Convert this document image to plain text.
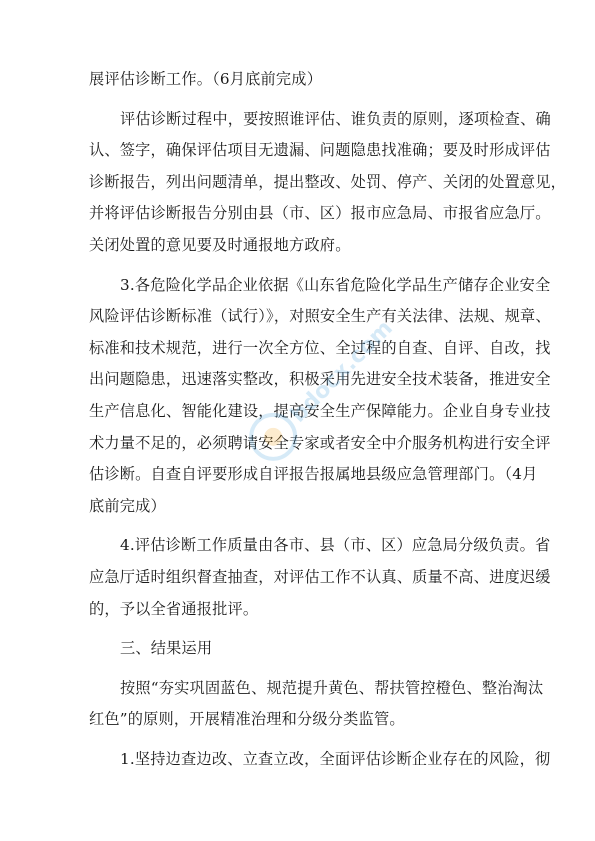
展评估诊断工作。（6月底前完成）
评估诊断过程中，要按照谁评估、谁负责的原则，逐项检查、确
认、签字，确保评估项目无遗漏、问题隐患找准确；要及时形成评估
诊断报告，列出问题清单，提出整改、处罚、停产、关闭的处置意见，
并将评估诊断报告分别由县（市、区）报市应急局、市报省应急厅。
关闭处置的意见要及时通报地方政府。
3.各危险化学品企业依据《山东省危险化学品生产储存企业安全
风险评估诊断标准（试行）》，对照安全生产有关法律、法规、规章、
标准和技术规范，进行一次全方位、全过程的自查、自评、自改，找
出问题隐患，迅速落实整改，积极采用先进安全技术装备，推进安全
生产信息化、智能化建设，提高安全生产保障能力。企业自身专业技
术力量不足的，必须聘请安全专家或者安全中介服务机构进行安全评
估诊断。自查自评要形成自评报告报属地县级应急管理部门。（4月
底前完成）
4.评估诊断工作质量由各市、县（市、区）应急局分级负责。省
应急厅适时组织督查抽查，对评估工作不认真、质量不高、进度迟缓
的，予以全省通报批评。
三、结果运用
按照“夯实巩固蓝色、规范提升黄色、帮扶管控橙色、整治淘汰
红色”的原则，开展精准治理和分级分类监管。
1.坚持边查边改、立查立改，全面评估诊断企业存在的风险，彻
bdocx.com
